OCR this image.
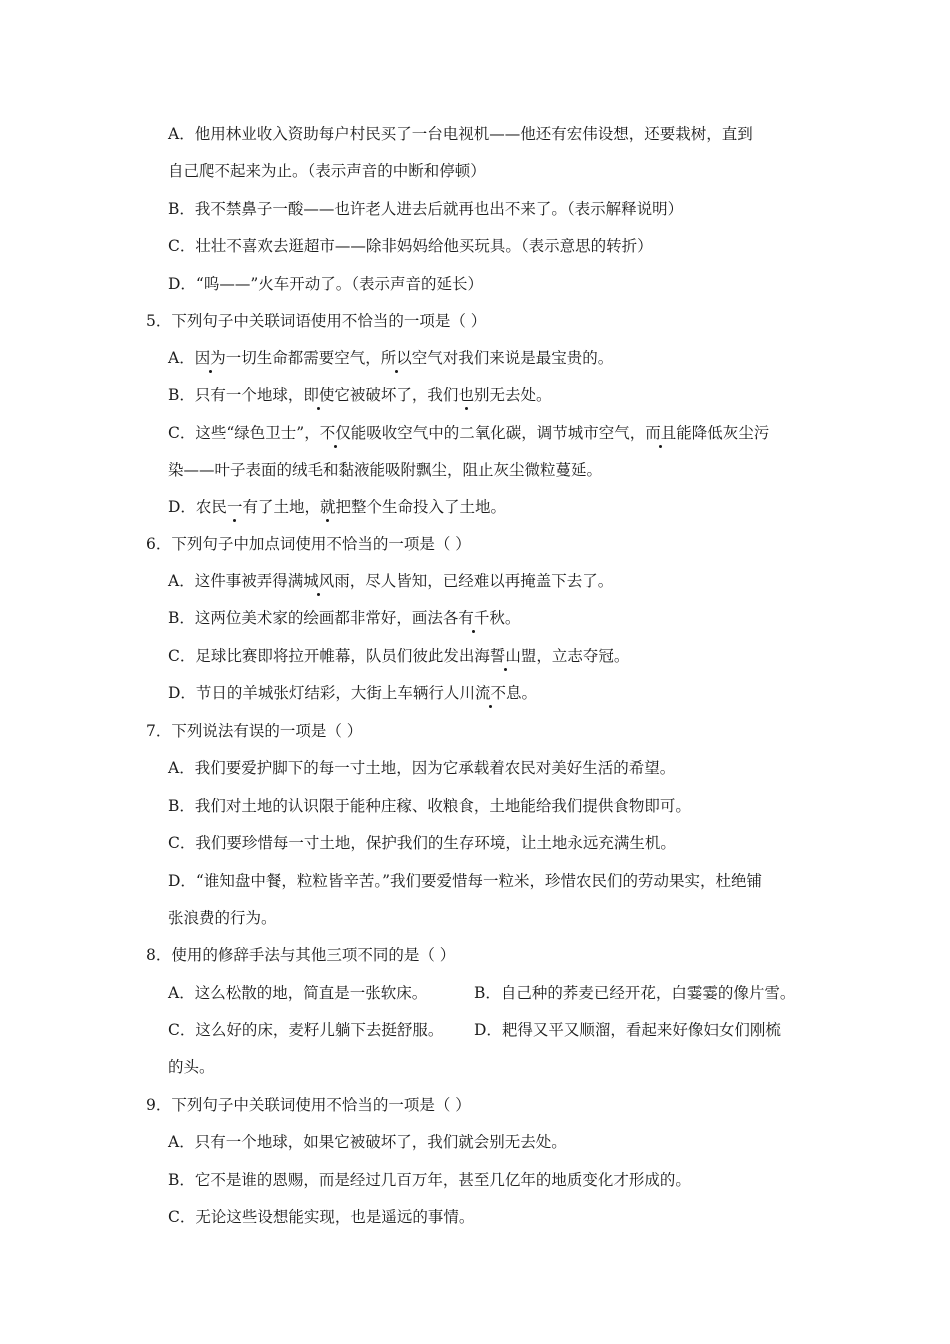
A．他用林业收入资助每户村民买了一台电视机——他还有宏伟设想，还要栽树，直到
自己爬不起来为止。（表示声音的中断和停顿）
B．我不禁鼻子一酸——也许老人进去后就再也出不来了。（表示解释说明）
C．壮壮不喜欢去逛超市——除非妈妈给他买玩具。（表示意思的转折）
D．“呜——”火车开动了。（表示声音的延长）
5．下列句子中关联词语使用不恰当的一项是（ ）
A．因为一切生命都需要空气，所以空气对我们来说是最宝贵的。
B．只有一个地球，即使它被破坏了，我们也别无去处。
C．这些“绿色卫士”，不仅能吸收空气中的二氧化碳，调节城市空气，而且能降低灰尘污
染——叶子表面的绒毛和黏液能吸附飘尘，阻止灰尘微粒蔓延。
D．农民一有了土地，就把整个生命投入了土地。
6．下列句子中加点词使用不恰当的一项是（ ）
A．这件事被弄得满城风雨，尽人皆知，已经难以再掩盖下去了。
B．这两位美术家的绘画都非常好，画法各有千秋。
C．足球比赛即将拉开帷幕，队员们彼此发出海誓山盟，立志夺冠。
D．节日的羊城张灯结彩，大街上车辆行人川流不息。
7．下列说法有误的一项是（ ）
A．我们要爱护脚下的每一寸土地，因为它承载着农民对美好生活的希望。
B．我们对土地的认识限于能种庄稼、收粮食，土地能给我们提供食物即可。
C．我们要珍惜每一寸土地，保护我们的生存环境，让土地永远充满生机。
D．“谁知盘中餐，粒粒皆辛苦。”我们要爱惜每一粒米，珍惜农民们的劳动果实，杜绝铺
张浪费的行为。
8．使用的修辞手法与其他三项不同的是（ ）
A．这么松散的地，简直是一张软床。	B．自己种的荞麦已经开花，白霎霎的像片雪。
C．这么好的床，麦籽儿躺下去挺舒服。 D．耙得又平又顺溜，看起来好像妇女们刚梳
的头。
9．下列句子中关联词使用不恰当的一项是（ ）
A．只有一个地球，如果它被破坏了，我们就会别无去处。
B．它不是谁的恩赐，而是经过几百万年，甚至几亿年的地质变化才形成的。
C．无论这些设想能实现，也是遥远的事情。
